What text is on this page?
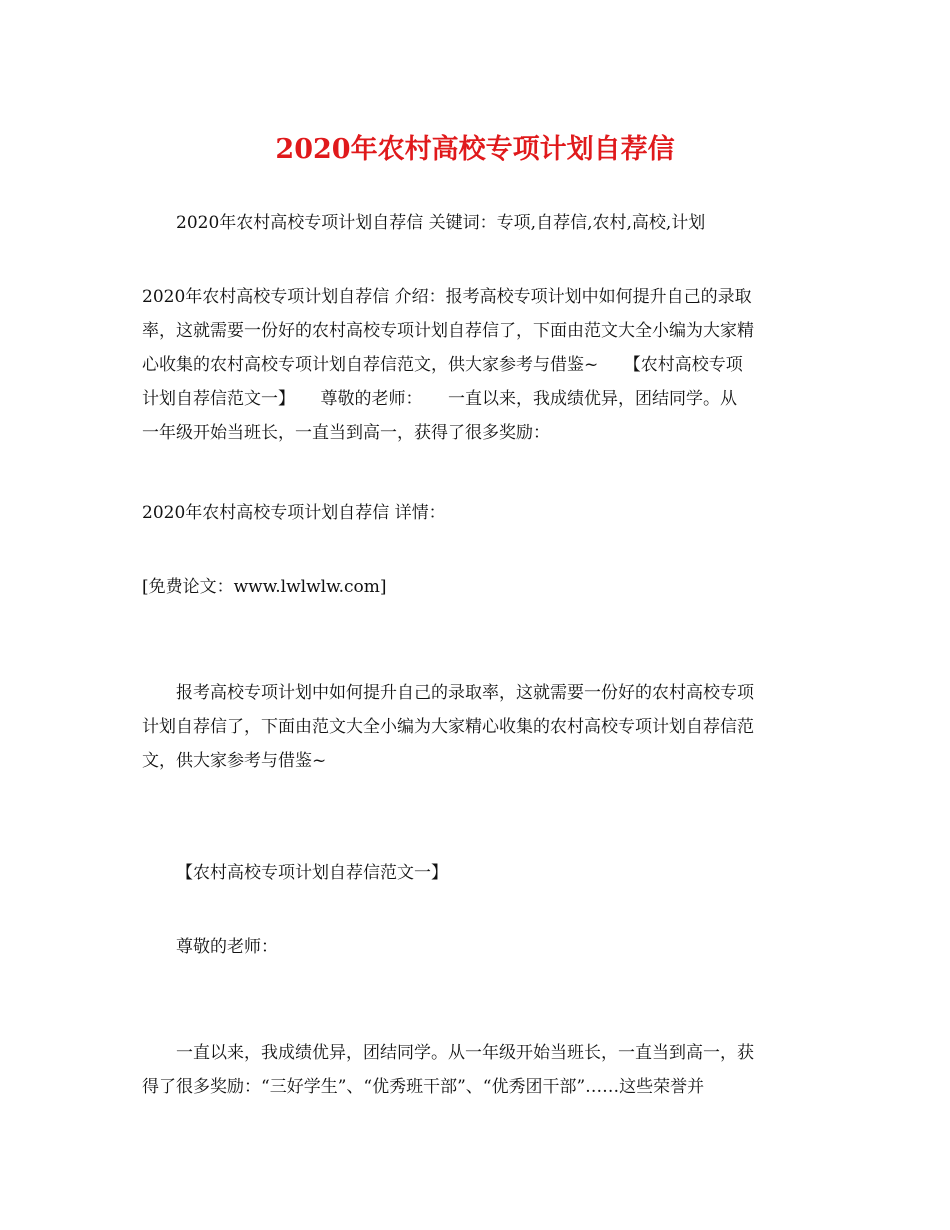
2020年农村高校专项计划自荐信
2020年农村高校专项计划自荐信 关键词：专项,自荐信,农村,高校,计划
2020年农村高校专项计划自荐信 介绍：报考高校专项计划中如何提升自己的录取
率，这就需要一份好的农村高校专项计划自荐信了，下面由范文大全小编为大家精
心收集的农村高校专项计划自荐信范文，供大家参考与借鉴~　　【农村高校专项
计划自荐信范文一】　　尊敬的老师：　　一直以来，我成绩优异，团结同学。从
一年级开始当班长，一直当到高一，获得了很多奖励：
2020年农村高校专项计划自荐信 详情：
[免费论文：www.lwlwlw.com]
报考高校专项计划中如何提升自己的录取率，这就需要一份好的农村高校专项
计划自荐信了，下面由范文大全小编为大家精心收集的农村高校专项计划自荐信范
文，供大家参考与借鉴~
【农村高校专项计划自荐信范文一】
尊敬的老师：
一直以来，我成绩优异，团结同学。从一年级开始当班长，一直当到高一，获
得了很多奖励：“三好学生”、“优秀班干部”、“优秀团干部”……这些荣誉并
